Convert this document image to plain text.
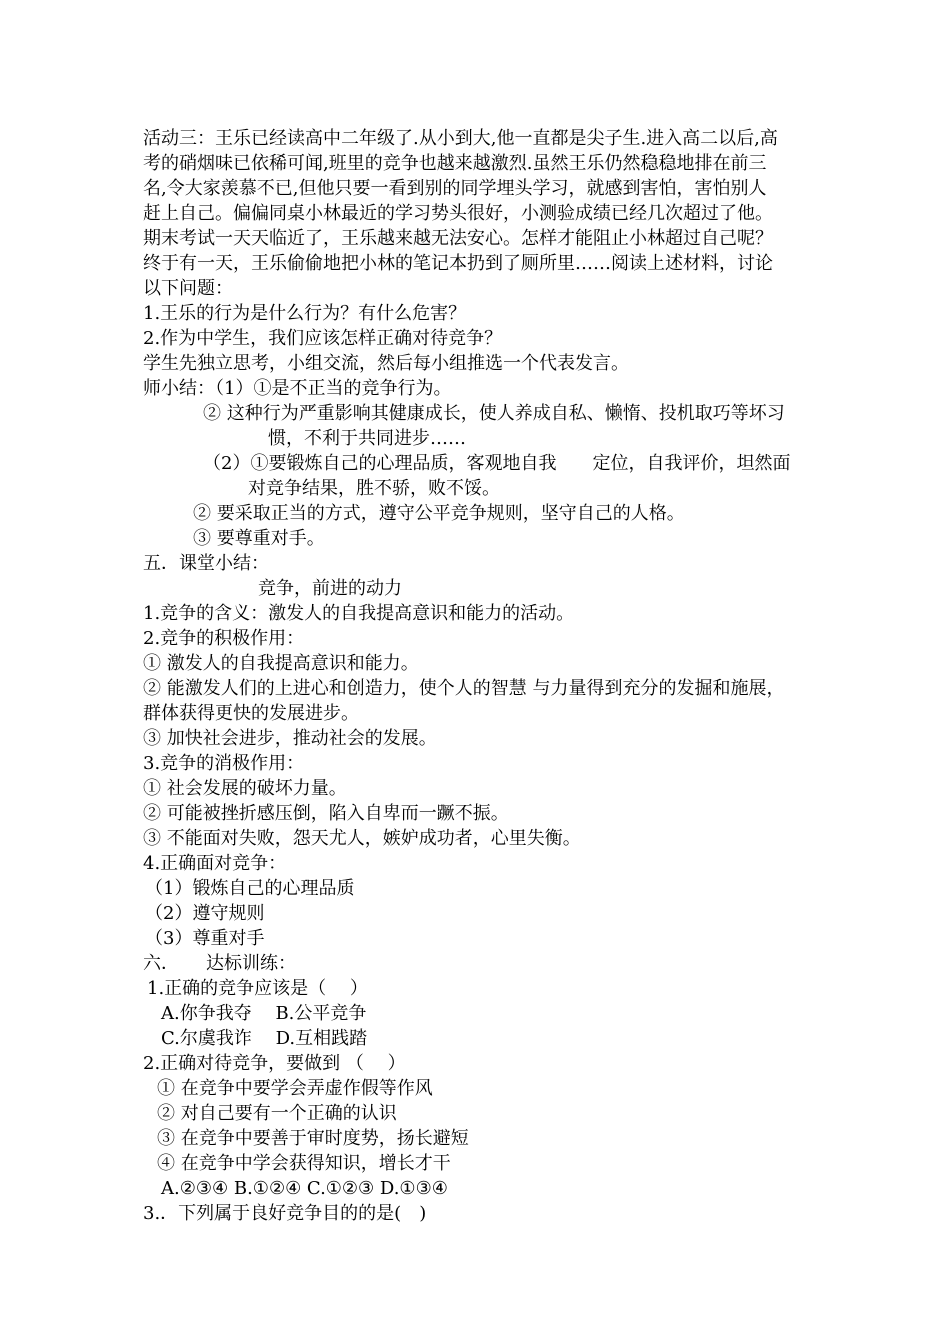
活动三：王乐已经读高中二年级了.从小到大,他一直都是尖子生.进入高二以后,高

考的硝烟味已依稀可闻,班里的竞争也越来越激烈.虽然王乐仍然稳稳地排在前三

名,令大家羡慕不已,但他只要一看到别的同学埋头学习，就感到害怕，害怕别人

赶上自己。偏偏同桌小林最近的学习势头很好，小测验成绩已经几次超过了他。

期末考试一天天临近了，王乐越来越无法安心。怎样才能阻止小林超过自己呢？

终于有一天，王乐偷偷地把小林的笔记本扔到了厕所里……阅读上述材料，讨论

以下问题：

1.王乐的行为是什么行为？有什么危害？

2.作为中学生，我们应该怎样正确对待竞争？

学生先独立思考，小组交流，然后每小组推选一个代表发言。

师小结：（1）①是不正当的竞争行为。

② 这种行为严重影响其健康成长，使人养成自私、懒惰、投机取巧等坏习

惯，不利于共同进步……

（2）①要锻炼自己的心理品质，客观地自我　　定位，自我评价，坦然面

对竞争结果，胜不骄，败不馁。

② 要采取正当的方式，遵守公平竞争规则，坚守自己的人格。

③ 要尊重对手。

五．课堂小结：

竞争，前进的动力

1.竞争的含义：激发人的自我提高意识和能力的活动。

2.竞争的积极作用：

① 激发人的自我提高意识和能力。

② 能激发人们的上进心和创造力，使个人的智慧 与力量得到充分的发掘和施展，

群体获得更快的发展进步。

③ 加快社会进步，推动社会的发展。

3.竞争的消极作用：

① 社会发展的破坏力量。

② 可能被挫折感压倒，陷入自卑而一蹶不振。

③ 不能面对失败，怨天尤人，嫉妒成功者，心里失衡。

4.正确面对竞争：

（1）锻炼自己的心理品质

（2）遵守规则

（3）尊重对手

六．　　达标训练：

1.正确的竞争应该是（　 ）

A.你争我夺　 B.公平竞争

C.尔虞我诈　 D.互相践踏

2.正确对待竞争，要做到 （　 ）

① 在竞争中要学会弄虚作假等作风

② 对自己要有一个正确的认识

③ 在竞争中要善于审时度势，扬长避短

④ 在竞争中学会获得知识，增长才干

A.②③④ B.①②④ C.①②③ D.①③④

3.．下列属于良好竞争目的的是(　)
